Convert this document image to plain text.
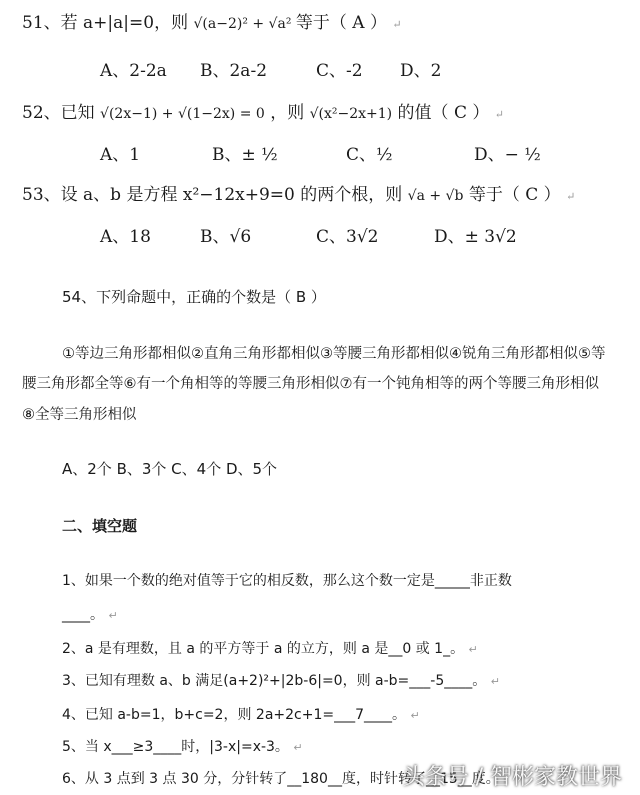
51、若 a+|a|=0，则 √(a−2)² + √a² 等于（ A ） ↵
A、2-2a B、2a-2	C、-2 D、2
52、已知 √(2x−1) + √(1−2x) = 0 ，则 √(x²−2x+1) 的值（ C ） ↵
A、1	B、± ½	C、½	D、− ½
53、设 a、b 是方程 x²−12x+9=0 的两个根，则 √a + √b 等于（ C ） ↵
A、18	B、√6	C、3√2	D、± 3√2
54、下列命题中，正确的个数是（ B ）
①等边三角形都相似②直角三角形都相似③等腰三角形都相似④锐角三角形都相似⑤等
腰三角形都全等⑥有一个角相等的等腰三角形相似⑦有一个钝角相等的两个等腰三角形相似
⑧全等三角形相似
A、2个 B、3个 C、4个 D、5个
二、填空题
1、如果一个数的绝对值等于它的相反数，那么这个数一定是_____非正数
____。 ↵
2、a 是有理数，且 a 的平方等于 a 的立方，则 a 是__0 或 1_。 ↵
3、已知有理数 a、b 满足(a+2)²+|2b-6|=0，则 a-b=___-5____。 ↵
4、已知 a-b=1，b+c=2，则 2a+2c+1=___7____。 ↵
5、当 x___≥3____时，|3-x|=x-3。 ↵
6、从 3 点到 3 点 30 分，分针转了__180__度，时针转了__15__度。
头条号 / 智彬家教世界
